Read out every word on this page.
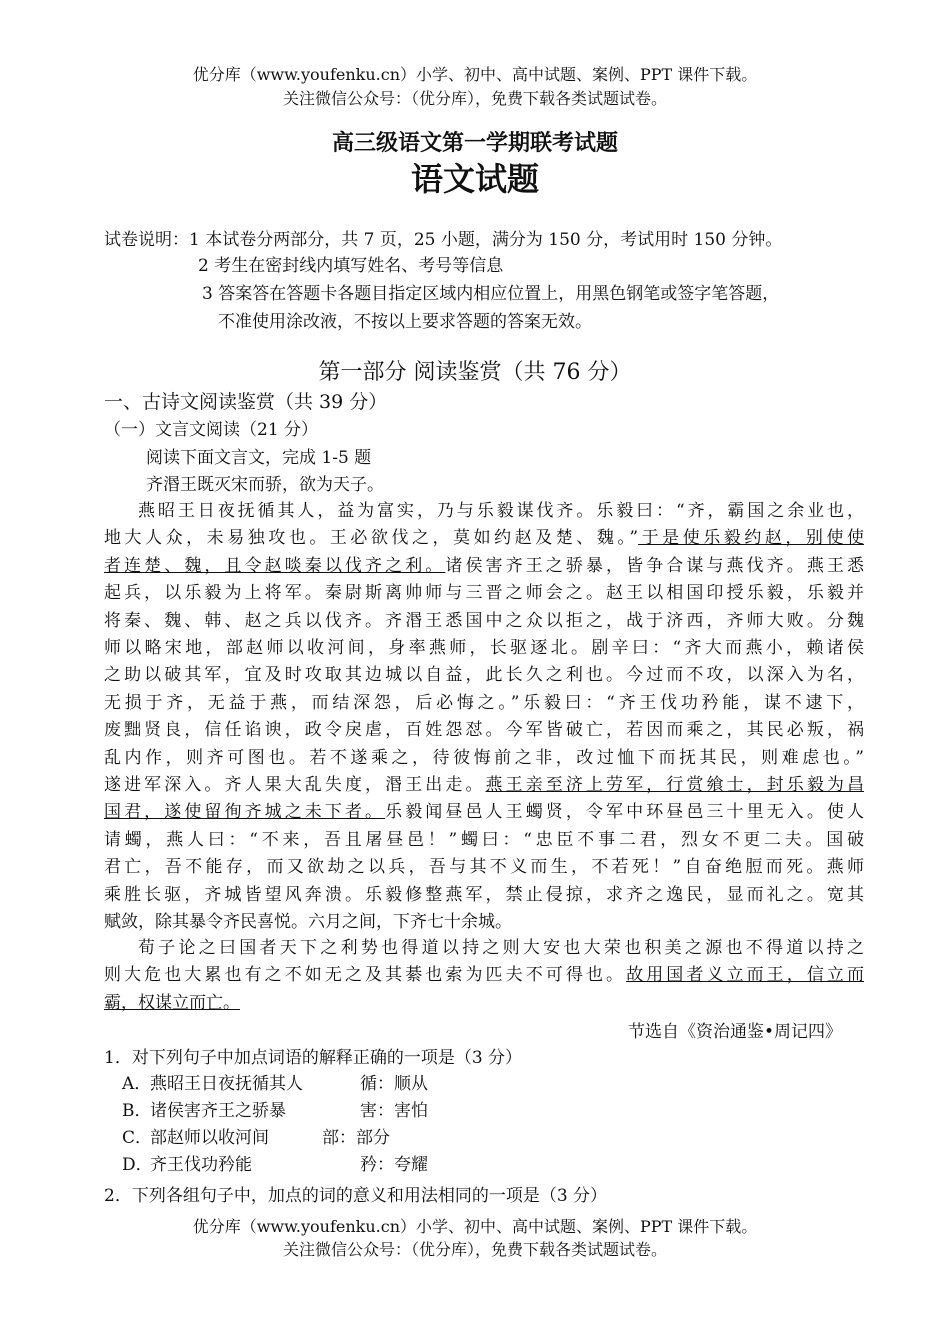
优分库（www.youfenku.cn）小学、初中、高中试题、案例、PPT 课件下载。
关注微信公众号：（优分库），免费下载各类试题试卷。
高三级语文第一学期联考试题
语文试题
试卷说明：1 本试卷分两部分，共 7 页，25 小题，满分为 150 分，考试用时 150 分钟。
2 考生在密封线内填写姓名、考号等信息
3 答案答在答题卡各题目指定区域内相应位置上，用黑色钢笔或签字笔答题，
不准使用涂改液，不按以上要求答题的答案无效。
第一部分 阅读鉴赏（共 76 分）
一、古诗文阅读鉴赏（共 39 分）
（一）文言文阅读（21 分）
阅读下面文言文，完成 1-5 题
齐湣王既灭宋而骄，欲为天子。

燕昭王日夜抚循其人，益为富实，乃与乐毅谋伐齐。乐毅曰：“齐，霸国之余业也，

地大人众，未易独攻也。王必欲伐之，莫如约赵及楚、魏。”于是使乐毅约赵，别使使

者连楚、魏，且令赵啖秦以伐齐之利。诸侯害齐王之骄暴，皆争合谋与燕伐齐。燕王悉

起兵，以乐毅为上将军。秦尉斯离帅师与三晋之师会之。赵王以相国印授乐毅，乐毅并

将秦、魏、韩、赵之兵以伐齐。齐湣王悉国中之众以拒之，战于济西，齐师大败。分魏

师以略宋地，部赵师以收河间，身率燕师，长驱逐北。剧辛曰：“齐大而燕小，赖诸侯

之助以破其军，宜及时攻取其边城以自益，此长久之利也。今过而不攻，以深入为名，

无损于齐，无益于燕，而结深怨，后必悔之。”乐毅曰：“齐王伐功矜能，谋不逮下，

废黜贤良，信任谄谀，政令戾虐，百姓怨怼。今军皆破亡，若因而乘之，其民必叛，祸

乱内作，则齐可图也。若不遂乘之，待彼悔前之非，改过恤下而抚其民，则难虑也。”

遂进军深入。齐人果大乱失度，湣王出走。燕王亲至济上劳军，行赏飨士，封乐毅为昌

国君，遂使留徇齐城之未下者。乐毅闻昼邑人王蠋贤，令军中环昼邑三十里无入。使人

请蠋，燕人曰：“不来，吾且屠昼邑！”蠋曰：“忠臣不事二君，烈女不更二夫。国破

君亡，吾不能存，而又欲劫之以兵，吾与其不义而生，不若死！”自奋绝脰而死。燕师

乘胜长驱，齐城皆望风奔溃。乐毅修整燕军，禁止侵掠，求齐之逸民，显而礼之。宽其

赋敛，除其暴令齐民喜悦。六月之间，下齐七十余城。

荀子论之曰国者天下之利势也得道以持之则大安也大荣也积美之源也不得道以持之

则大危也大累也有之不如无之及其綦也索为匹夫不可得也。故用国者义立而王，信立而

霸，权谋立而亡。

节选自《资治通鉴•周记四》
1．对下列句子中加点词语的解释正确的一项是（3 分）
A．燕昭王日夜抚循其人	循：顺从
B．诸侯害齐王之骄暴	害：害怕
C．部赵师以收河间	部：部分
D．齐王伐功矜能	矜：夸耀
2．下列各组句子中，加点的词的意义和用法相同的一项是（3 分）
优分库（www.youfenku.cn）小学、初中、高中试题、案例、PPT 课件下载。
关注微信公众号：（优分库），免费下载各类试题试卷。
